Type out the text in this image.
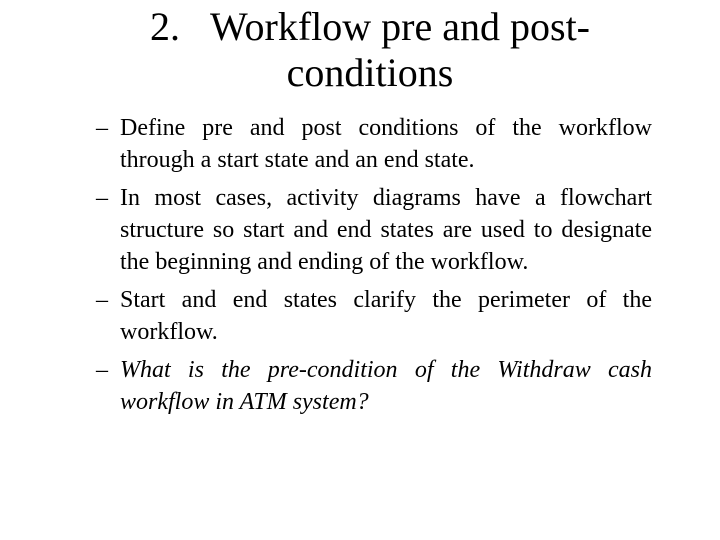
2. Workflow pre and post-
conditions
– Define pre and post conditions of the workflow through a start state and an end state.
– In most cases, activity diagrams have a flowchart structure so start and end states are used to designate the beginning and ending of the workflow.
– Start and end states clarify the perimeter of the workflow.
– What is the pre-condition of the Withdraw cash workflow in ATM system?
